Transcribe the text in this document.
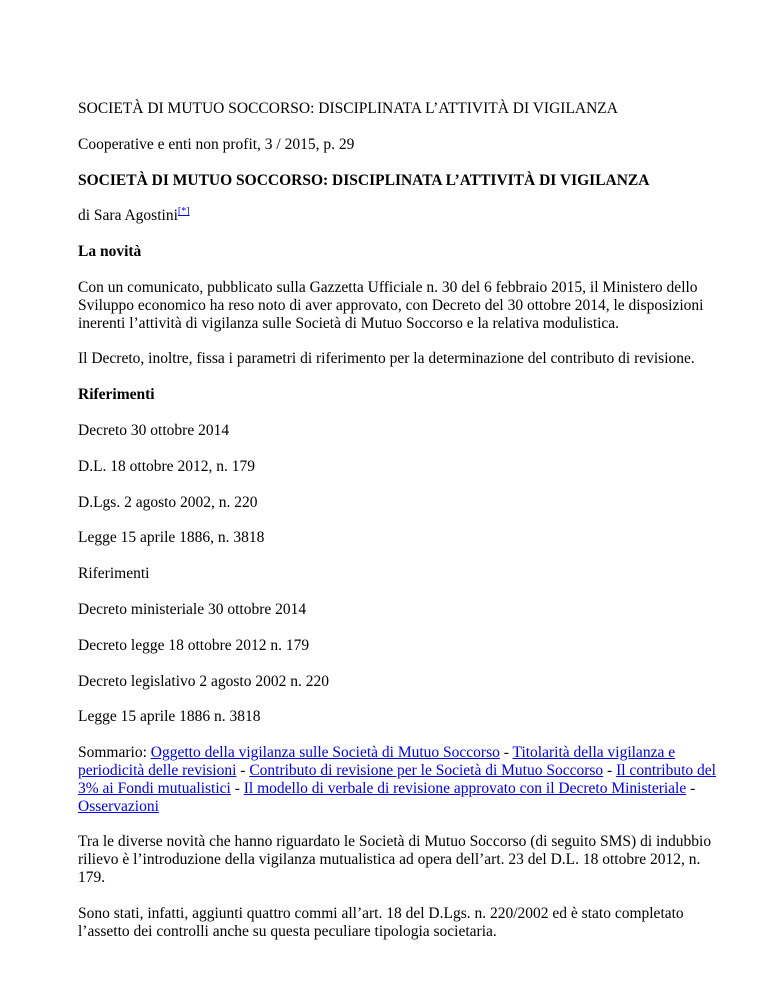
SOCIETÀ DI MUTUO SOCCORSO: DISCIPLINATA L’ATTIVITÀ DI VIGILANZA

Cooperative e enti non profit, 3 / 2015, p. 29

SOCIETÀ DI MUTUO SOCCORSO: DISCIPLINATA L’ATTIVITÀ DI VIGILANZA

di Sara Agostini[*]

La novità

Con un comunicato, pubblicato sulla Gazzetta Ufficiale n. 30 del 6 febbraio 2015, il Ministero dello Sviluppo economico ha reso noto di aver approvato, con Decreto del 30 ottobre 2014, le disposizioni inerenti l’attività di vigilanza sulle Società di Mutuo Soccorso e la relativa modulistica.

Il Decreto, inoltre, fissa i parametri di riferimento per la determinazione del contributo di revisione.

Riferimenti

Decreto 30 ottobre 2014

D.L. 18 ottobre 2012, n. 179

D.Lgs. 2 agosto 2002, n. 220

Legge 15 aprile 1886, n. 3818

Riferimenti

Decreto ministeriale 30 ottobre 2014

Decreto legge 18 ottobre 2012 n. 179

Decreto legislativo 2 agosto 2002 n. 220

Legge 15 aprile 1886 n. 3818

Sommario: Oggetto della vigilanza sulle Società di Mutuo Soccorso - Titolarità della vigilanza e periodicità delle revisioni - Contributo di revisione per le Società di Mutuo Soccorso - Il contributo del 3% ai Fondi mutualistici - Il modello di verbale di revisione approvato con il Decreto Ministeriale - Osservazioni

Tra le diverse novità che hanno riguardato le Società di Mutuo Soccorso (di seguito SMS) di indubbio rilievo è l’introduzione della vigilanza mutualistica ad opera dell’art. 23 del D.L. 18 ottobre 2012, n. 179.

Sono stati, infatti, aggiunti quattro commi all’art. 18 del D.Lgs. n. 220/2002 ed è stato completato l’assetto dei controlli anche su questa peculiare tipologia societaria.
